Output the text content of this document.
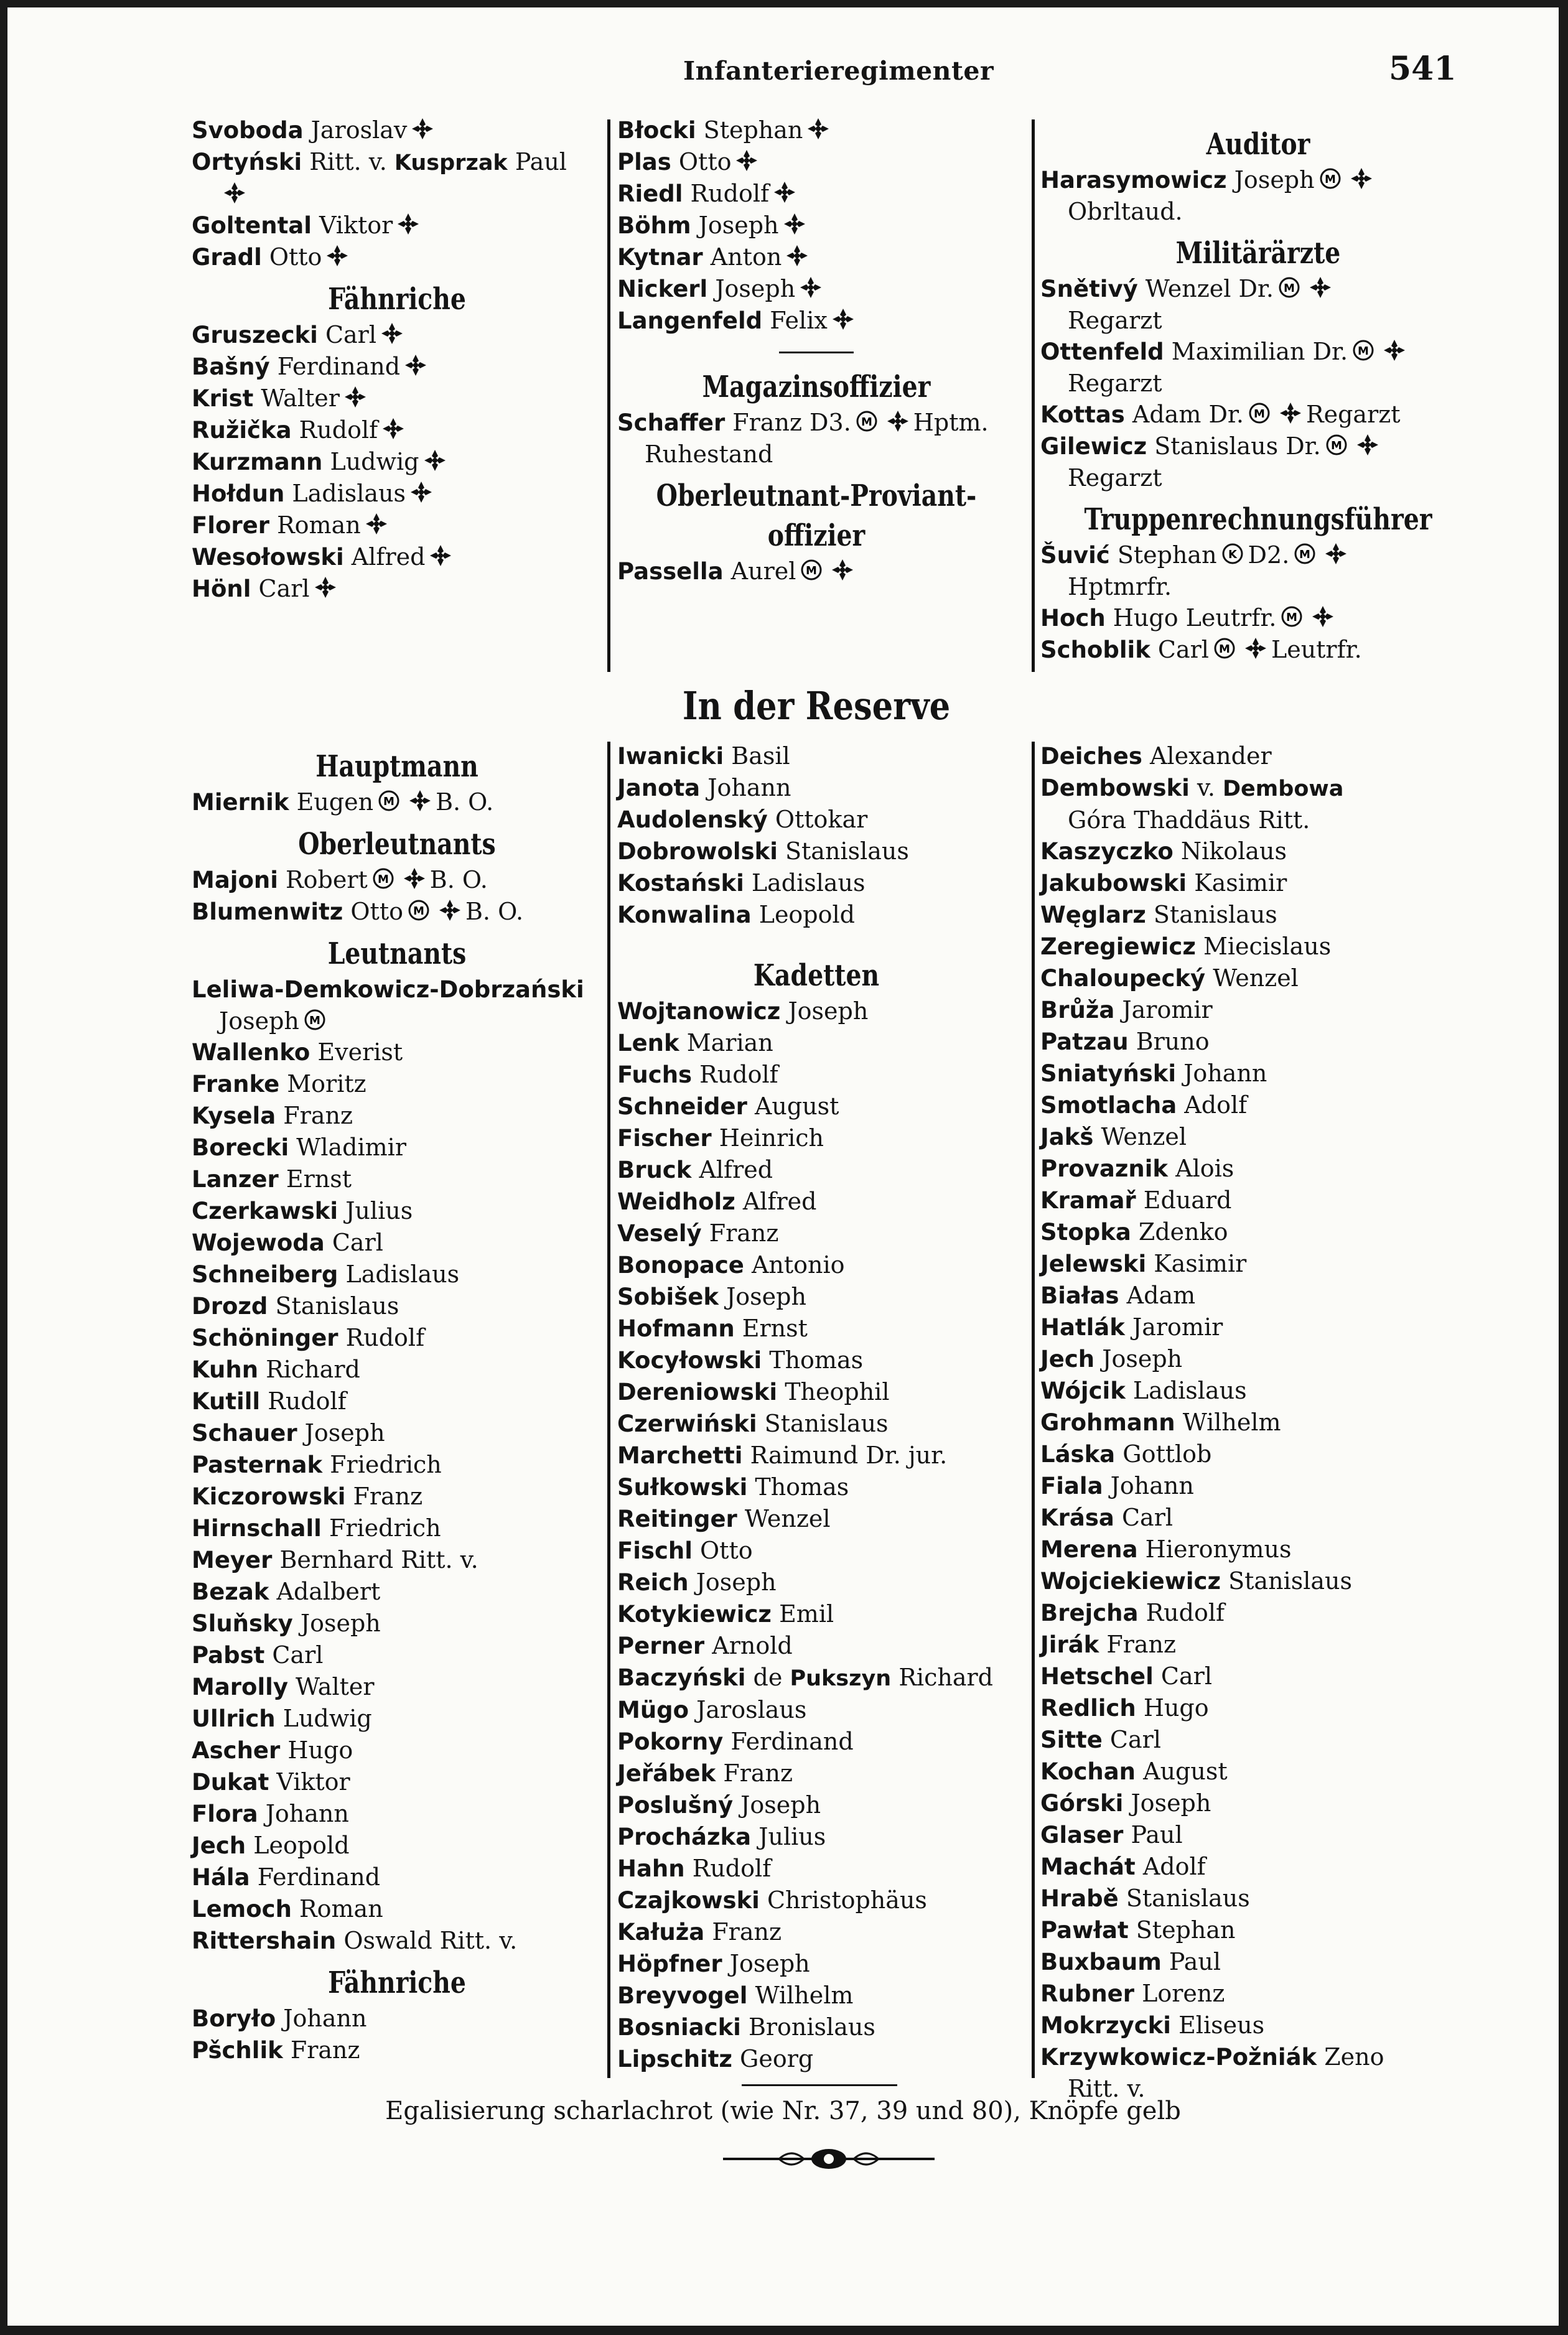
Infanterieregimenter	541
Svoboda Jaroslav
Ortyński Ritt. v. Kusprzak Paul
Goltental Viktor
Gradl Otto
Fähnriche
Gruszecki Carl
Bašný Ferdinand
Krist Walter
Ružička Rudolf
Kurzmann Ludwig
Hołdun Ladislaus
Florer Roman
Wesołowski Alfred
Hönl Carl
Błocki Stephan
Plas Otto
Riedl Rudolf
Böhm Joseph
Kytnar Anton
Nickerl Joseph
Langenfeld Felix
Magazinsoffizier
Schaffer Franz D3. M Hptm.
Ruhestand
Oberleutnant-Proviant-offizier
Passella Aurel M
Auditor
Harasymowicz Joseph M
Obrltaud.
Militärärzte
Snětivý Wenzel Dr. M
Regarzt
Ottenfeld Maximilian Dr. M
Regarzt
Kottas Adam Dr. M Regarzt
Gilewicz Stanislaus Dr. M
Regarzt
Truppenrechnungsführer
Šuvić Stephan K D2. M
Hptmrfr.
Hoch Hugo Leutrfr. M
Schoblik Carl M Leutrfr.
In der Reserve
Hauptmann
Miernik Eugen M B. O.
Oberleutnants
Majoni Robert M B. O.
Blumenwitz Otto M B. O.
Leutnants
Leliwa-Demkowicz-Dobrzański
Joseph M
Wallenko Everist
Franke Moritz
Kysela Franz
Borecki Wladimir
Lanzer Ernst
Czerkawski Julius
Wojewoda Carl
Schneiberg Ladislaus
Drozd Stanislaus
Schöninger Rudolf
Kuhn Richard
Kutill Rudolf
Schauer Joseph
Pasternak Friedrich
Kiczorowski Franz
Hirnschall Friedrich
Meyer Bernhard Ritt. v.
Bezak Adalbert
Sluňsky Joseph
Pabst Carl
Marolly Walter
Ullrich Ludwig
Ascher Hugo
Dukat Viktor
Flora Johann
Jech Leopold
Hála Ferdinand
Lemoch Roman
Rittershain Oswald Ritt. v.
Fähnriche
Boryło Johann
Pšchlik Franz
Iwanicki Basil
Janota Johann
Audolenský Ottokar
Dobrowolski Stanislaus
Kostański Ladislaus
Konwalina Leopold
Kadetten
Wojtanowicz Joseph
Lenk Marian
Fuchs Rudolf
Schneider August
Fischer Heinrich
Bruck Alfred
Weidholz Alfred
Veselý Franz
Bonopace Antonio
Sobišek Joseph
Hofmann Ernst
Kocyłowski Thomas
Dereniowski Theophil
Czerwiński Stanislaus
Marchetti Raimund Dr. jur.
Sułkowski Thomas
Reitinger Wenzel
Fischl Otto
Reich Joseph
Kotykiewicz Emil
Perner Arnold
Baczyński de Pukszyn Richard
Mügo Jaroslaus
Pokorny Ferdinand
Jeřábek Franz
Poslušný Joseph
Procházka Julius
Hahn Rudolf
Czajkowski Christophäus
Kałuża Franz
Höpfner Joseph
Breyvogel Wilhelm
Bosniacki Bronislaus
Lipschitz Georg
Deiches Alexander
Dembowski v. Dembowa
Góra Thaddäus Ritt.
Kaszyczko Nikolaus
Jakubowski Kasimir
Węglarz Stanislaus
Zeregiewicz Miecislaus
Chaloupecký Wenzel
Brůža Jaromir
Patzau Bruno
Sniatyński Johann
Smotlacha Adolf
Jakš Wenzel
Provaznik Alois
Kramař Eduard
Stopka Zdenko
Jelewski Kasimir
Białas Adam
Hatlák Jaromir
Jech Joseph
Wójcik Ladislaus
Grohmann Wilhelm
Láska Gottlob
Fiala Johann
Krása Carl
Merena Hieronymus
Wojciekiewicz Stanislaus
Brejcha Rudolf
Jirák Franz
Hetschel Carl
Redlich Hugo
Sitte Carl
Kochan August
Górski Joseph
Glaser Paul
Machát Adolf
Hrabě Stanislaus
Pawłat Stephan
Buxbaum Paul
Rubner Lorenz
Mokrzycki Eliseus
Krzywkowicz-Požniák Zeno
Ritt. v.
Egalisierung scharlachrot (wie Nr. 37, 39 und 80), Knöpfe gelb
